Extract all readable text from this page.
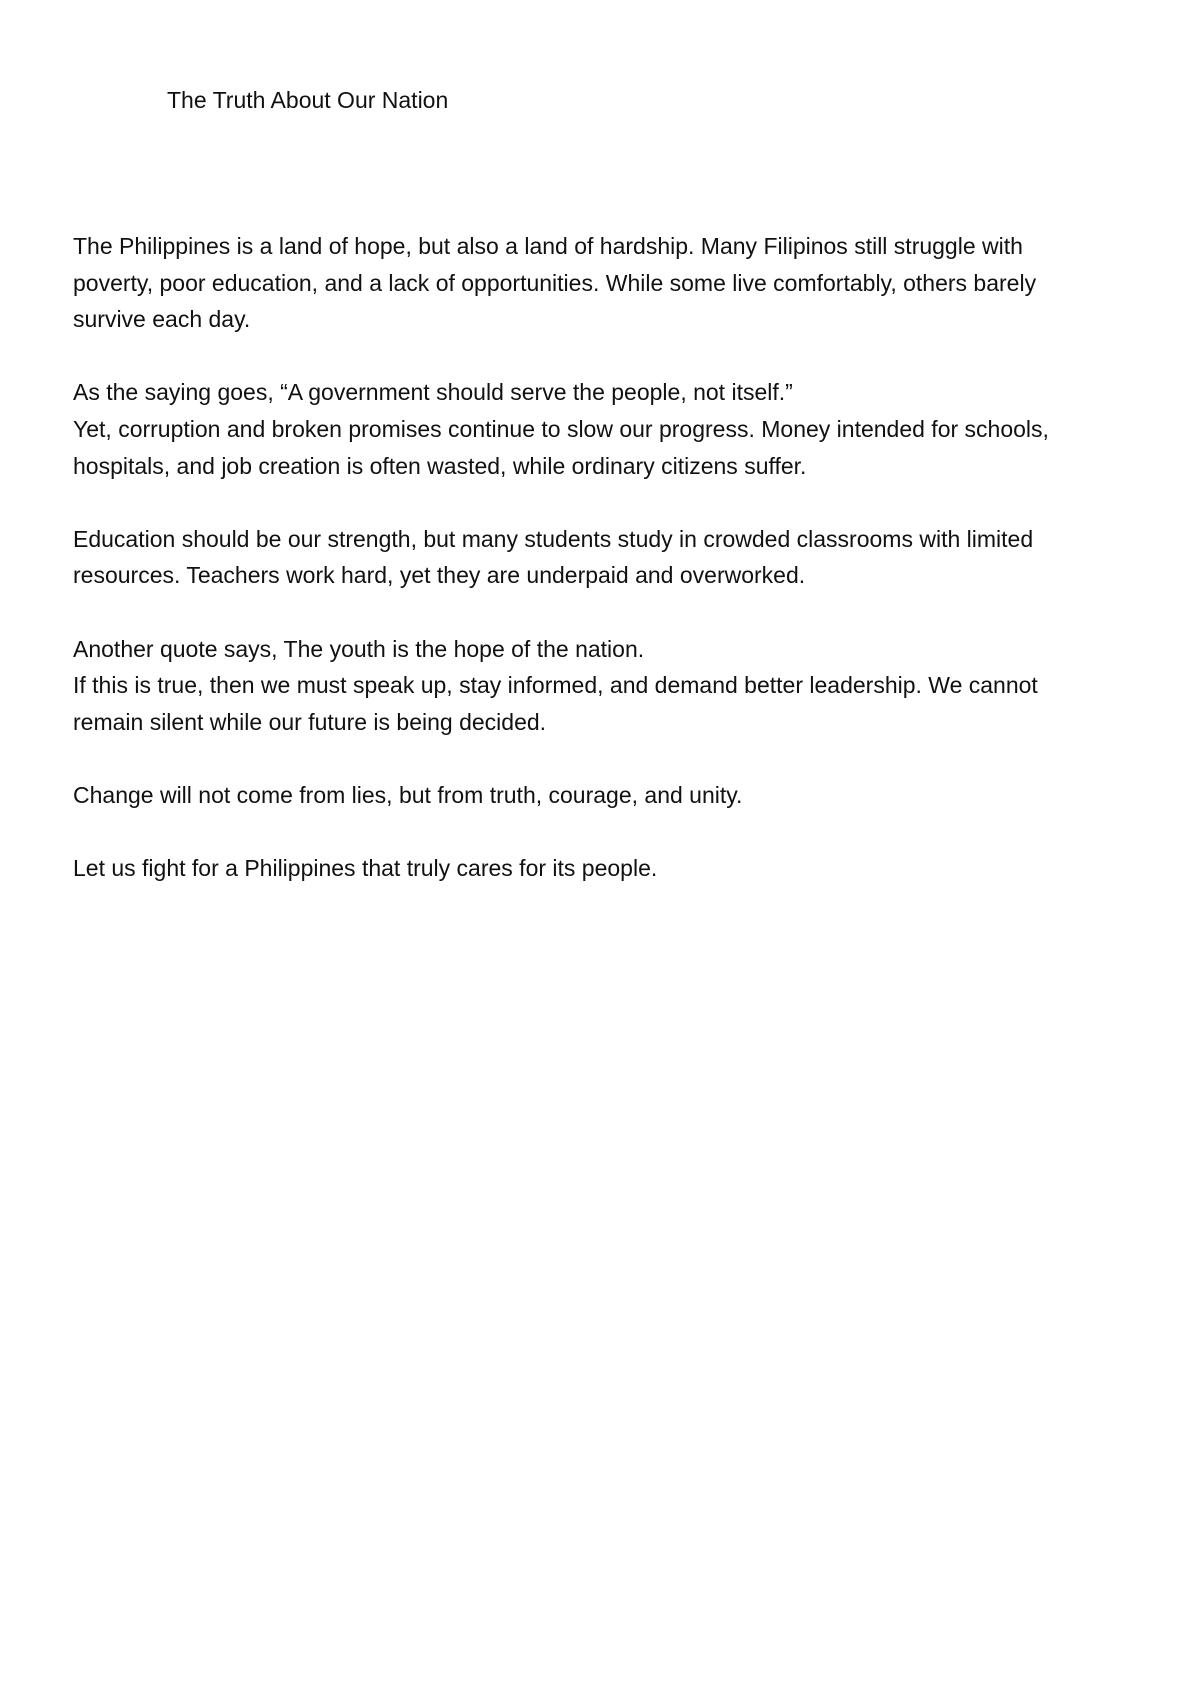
The Truth About Our Nation

The Philippines is a land of hope, but also a land of hardship. Many Filipinos still struggle with
poverty, poor education, and a lack of opportunities. While some live comfortably, others barely
survive each day.

As the saying goes, “A government should serve the people, not itself.”
Yet, corruption and broken promises continue to slow our progress. Money intended for schools,
hospitals, and job creation is often wasted, while ordinary citizens suffer.

Education should be our strength, but many students study in crowded classrooms with limited
resources. Teachers work hard, yet they are underpaid and overworked.

Another quote says, The youth is the hope of the nation.
If this is true, then we must speak up, stay informed, and demand better leadership. We cannot
remain silent while our future is being decided.

Change will not come from lies, but from truth, courage, and unity.

Let us fight for a Philippines that truly cares for its people.
